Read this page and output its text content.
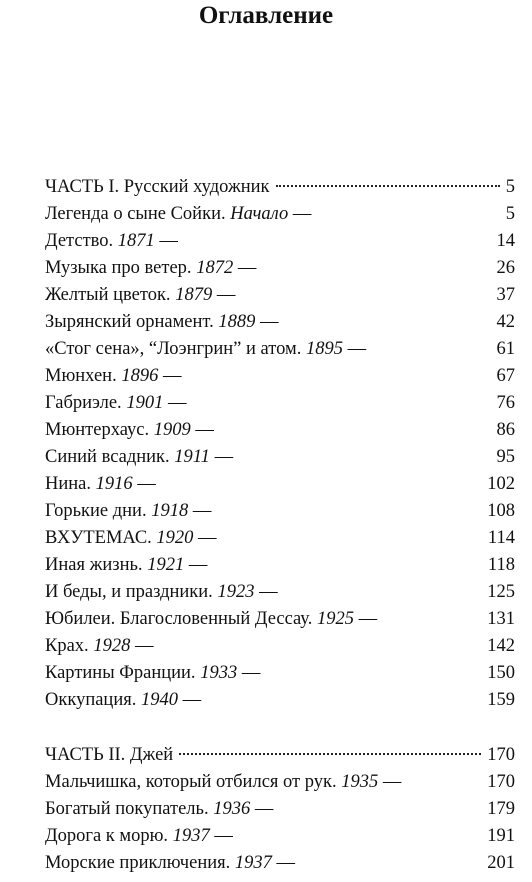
Оглавление
ЧАСТЬ I. Русский художник	5
Легенда о сыне Сойки. Начало —	5
Детство. 1871 —	14
Музыка про ветер. 1872 —	26
Желтый цветок. 1879 —	37
Зырянский орнамент. 1889 —	42
«Стог сена», “Лоэнгрин” и атом. 1895 —	61
Мюнхен. 1896 —	67
Габриэле. 1901 —	76
Мюнтерхаус. 1909 —	86
Синий всадник. 1911 —	95
Нина. 1916 —	102
Горькие дни. 1918 —	108
ВХУТЕМАС. 1920 —	114
Иная жизнь. 1921 —	118
И беды, и праздники. 1923 —	125
Юбилеи. Благословенный Дессау. 1925 —	131
Крах. 1928 —	142
Картины Франции. 1933 —	150
Оккупация. 1940 —	159
ЧАСТЬ II. Джей	170
Мальчишка, который отбился от рук. 1935 —	170
Богатый покупатель. 1936 —	179
Дорога к морю. 1937 —	191
Морские приключения. 1937 —	201
